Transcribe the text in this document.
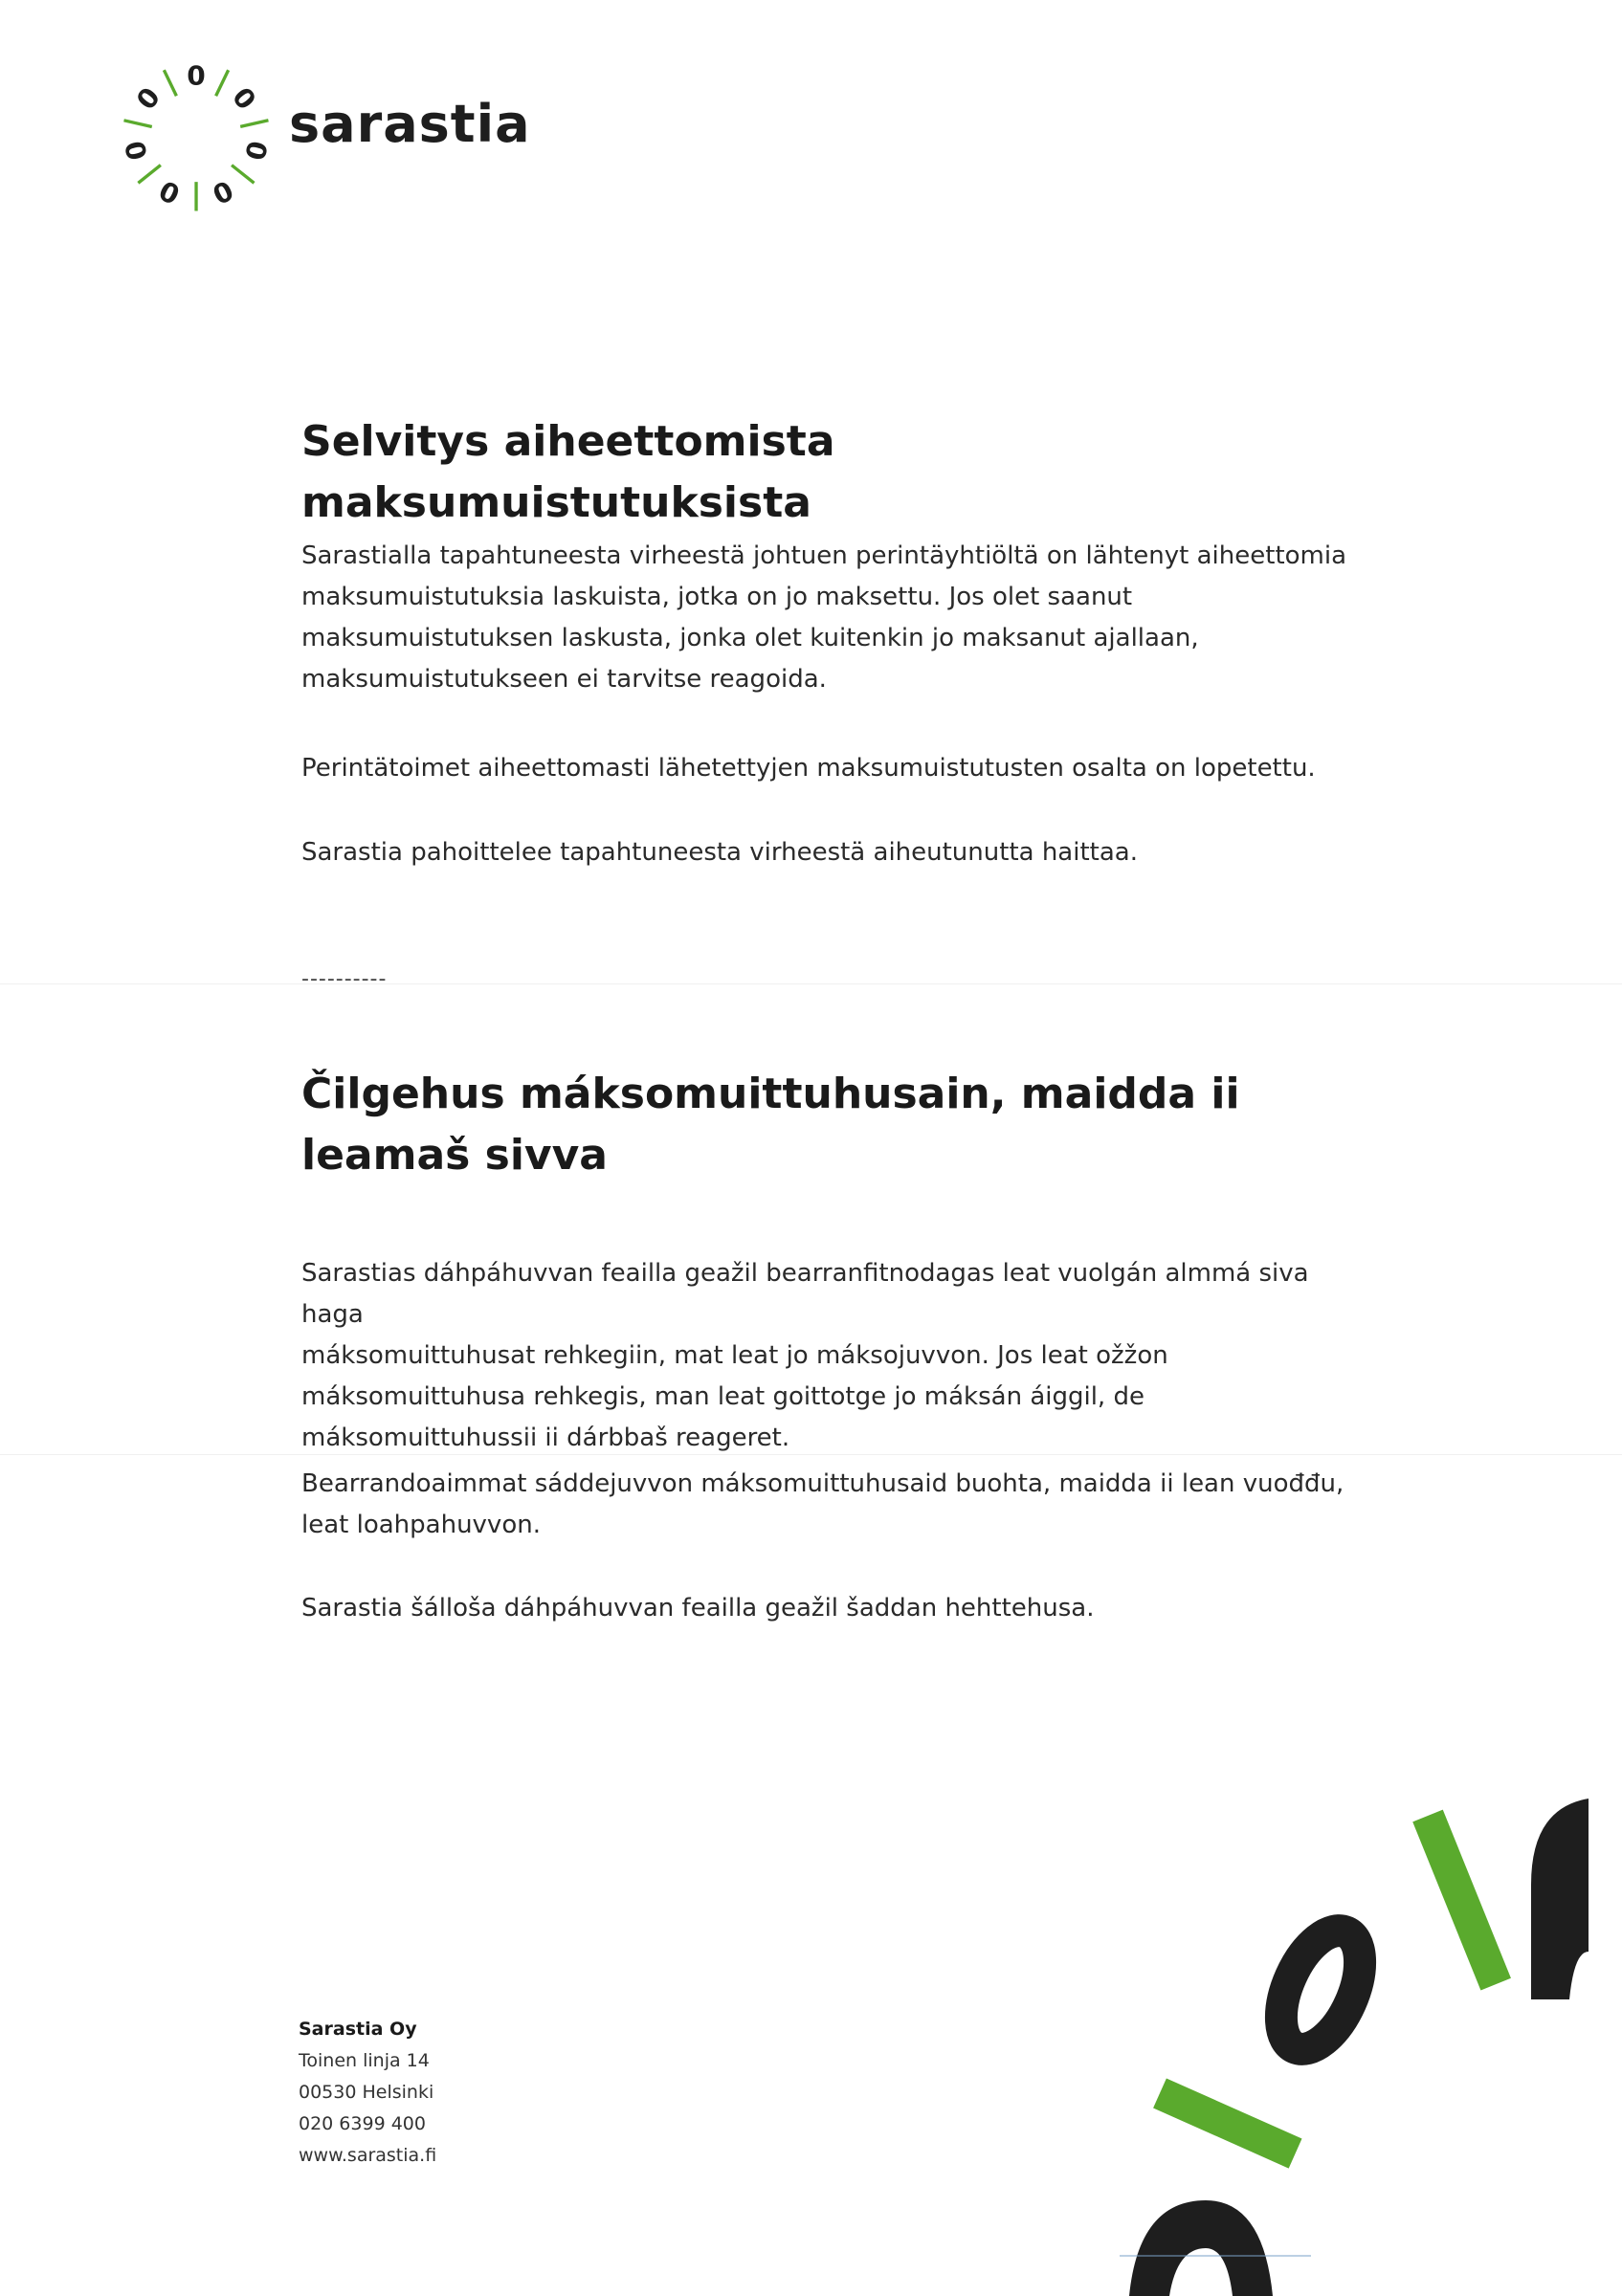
0 |
0
|
0
|
0
|
0
|
0
|
0
|

sarastia

Selvitys aiheettomista maksumuistutuksista

Sarastialla tapahtuneesta virheestä johtuen perintäyhtiöltä on lähtenyt aiheettomia

maksumuistutuksia laskuista, jotka on jo maksettu. Jos olet saanut

maksumuistutuksen laskusta, jonka olet kuitenkin jo maksanut ajallaan,

maksumuistutukseen ei tarvitse reagoida.

Perintätoimet aiheettomasti lähetettyjen maksumuistutusten osalta on lopetettu.

Sarastia pahoittelee tapahtuneesta virheestä aiheutunutta haittaa.

----------

Čilgehus máksomuittuhusain, maidda ii
leamaš sivva

Sarastias dáhpáhuvvan feailla geažil bearranfitnodagas leat vuolgán almmá siva haga

máksomuittuhusat rehkegiin, mat leat jo máksojuvvon. Jos leat ožžon

máksomuittuhusa rehkegis, man leat goittotge jo máksán áiggil, de

máksomuittuhussii ii dárbbaš reageret.

Bearrandoaimmat sáddejuvvon máksomuittuhusaid buohta, maidda ii lean vuođđu,

leat loahpahuvvon.

Sarastia šálloša dáhpáhuvvan feailla geažil šaddan hehttehusa.

Sarastia Oy
Toinen linja 14
00530 Helsinki
020 6399 400
www.sarastia.fi
